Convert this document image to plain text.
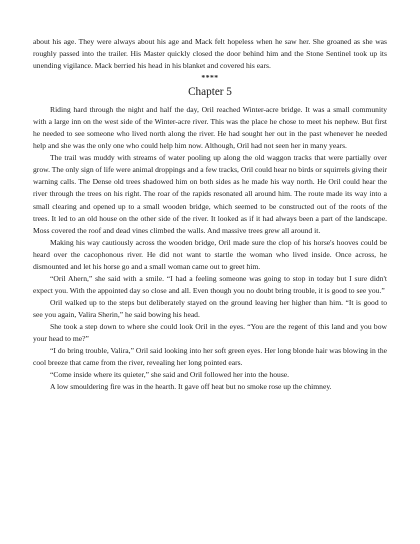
about his age. They were always about his age and Mack felt hopeless when he saw her. She groaned as she was roughly passed into the trailer. His Master quickly closed the door behind him and the Stone Sentinel took up its unending vigilance. Mack berried his head in his blanket and covered his ears.

****

Chapter 5

Riding hard through the night and half the day, Oril reached Winter-acre bridge. It was a small community with a large inn on the west side of the Winter-acre river. This was the place he chose to meet his nephew. But first he needed to see someone who lived north along the river. He had sought her out in the past whenever he needed help and she was the only one who could help him now. Although, Oril had not seen her in many years.

The trail was muddy with streams of water pooling up along the old waggon tracks that were partially over grow. The only sign of life were animal droppings and a few tracks, Oril could hear no birds or squirrels giving their warning calls. The Dense old trees shadowed him on both sides as he made his way north. He Oril could hear the river through the trees on his right. The roar of the rapids resonated all around him. The route made its way into a small clearing and opened up to a small wooden bridge, which seemed to be constructed out of the roots of the trees. It led to an old house on the other side of the river. It looked as if it had always been a part of the landscape. Moss covered the roof and dead vines climbed the walls. And massive trees grew all around it.

Making his way cautiously across the wooden bridge, Oril made sure the clop of his horse's hooves could be heard over the cacophonous river. He did not want to startle the woman who lived inside. Once across, he dismounted and let his horse go and a small woman came out to greet him.

“Oril Ahern,” she said with a smile. “I had a feeling someone was going to stop in today but I sure didn't expect you. With the appointed day so close and all. Even though you no doubt bring trouble, it is good to see you.”

Oril walked up to the steps but deliberately stayed on the ground leaving her higher than him. “It is good to see you again, Valira Sherin,” he said bowing his head.

She took a step down to where she could look Oril in the eyes. “You are the regent of this land and you bow your head to me?”

“I do bring trouble, Valira,” Oril said looking into her soft green eyes. Her long blonde hair was blowing in the cool breeze that came from the river, revealing her long pointed ears.

“Come inside where its quieter,” she said and Oril followed her into the house.

A low smouldering fire was in the hearth. It gave off heat but no smoke rose up the chimney.
